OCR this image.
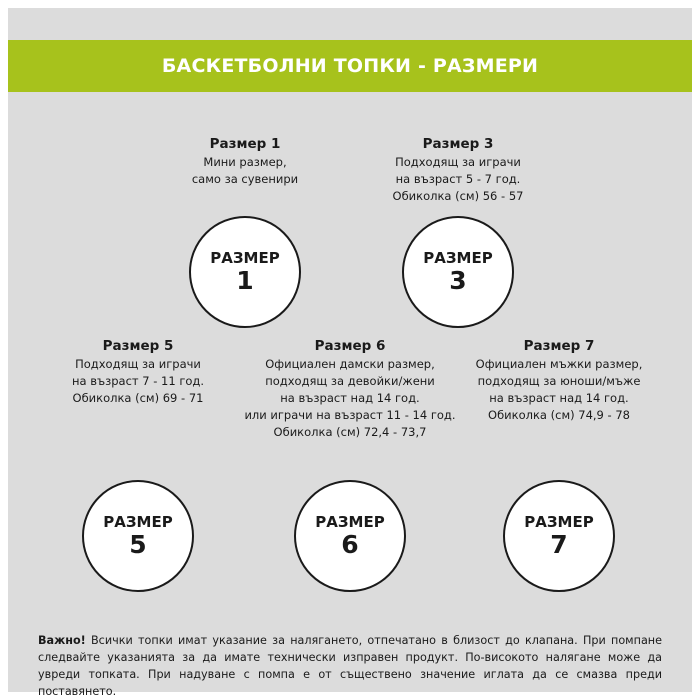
БАСКЕТБОЛНИ ТОПКИ - РАЗМЕРИ
Размер 1
Мини размер,
само за сувенири
РАЗМЕР
1
Размер 3
Подходящ за играчи
на възраст 5 - 7 год.
Обиколка (см) 56 - 57
РАЗМЕР
3
Размер 5
Подходящ за играчи
на възраст 7 - 11 год.
Обиколка (см) 69 - 71
РАЗМЕР
5
Размер 6
Официален дамски размер,
подходящ за девойки/жени
на възраст над 14 год.
или играчи на възраст 11 - 14 год.
Обиколка (см) 72,4 - 73,7
РАЗМЕР
6
Размер 7
Официален мъжки размер,
подходящ за юноши/мъже
на възраст над 14 год.
Обиколка (см) 74,9 - 78
РАЗМЕР
7
Важно! Всички топки имат указание за налягането, отпечатано в близост до клапана. При помпане следвайте указанията за да имате технически изправен продукт. По-високото налягане може да увреди топката. При надуване с помпа е от съществено значение иглата да се смазва преди поставянето.
